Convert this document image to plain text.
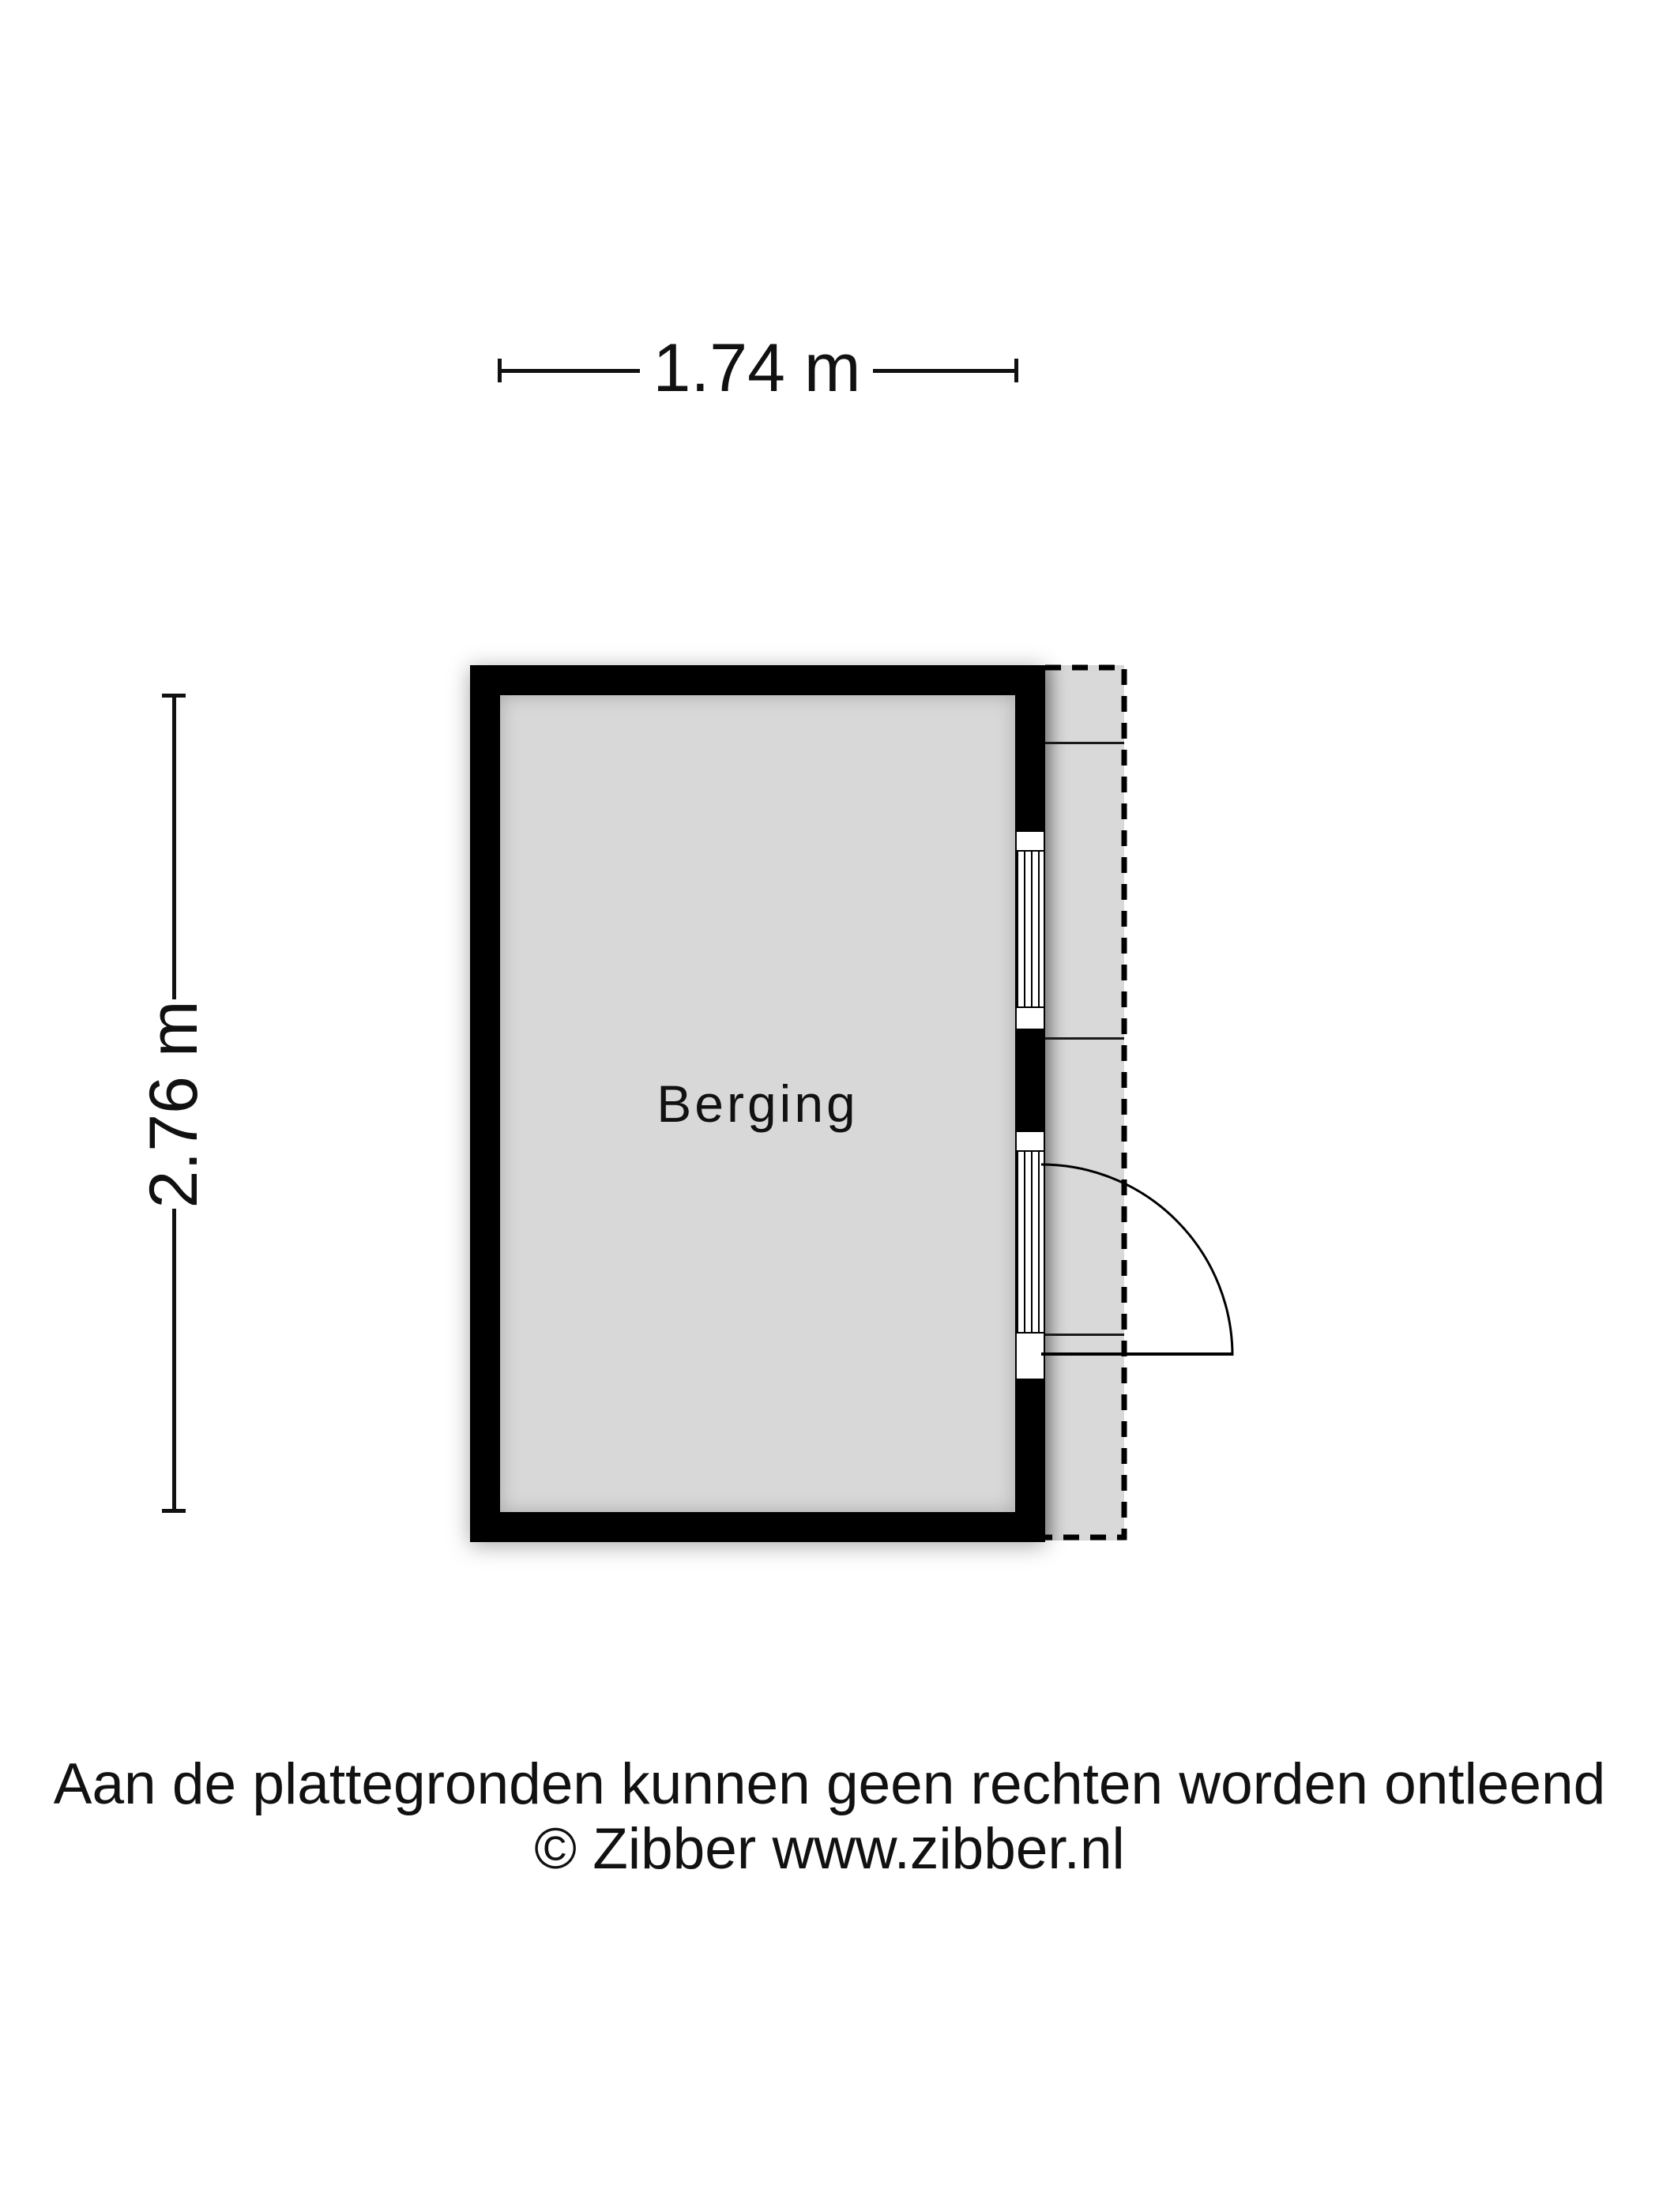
1.74 m
2.76 m	Berging
Aan de plattegronden kunnen geen rechten worden ontleend
© Zibber www.zibber.nl
